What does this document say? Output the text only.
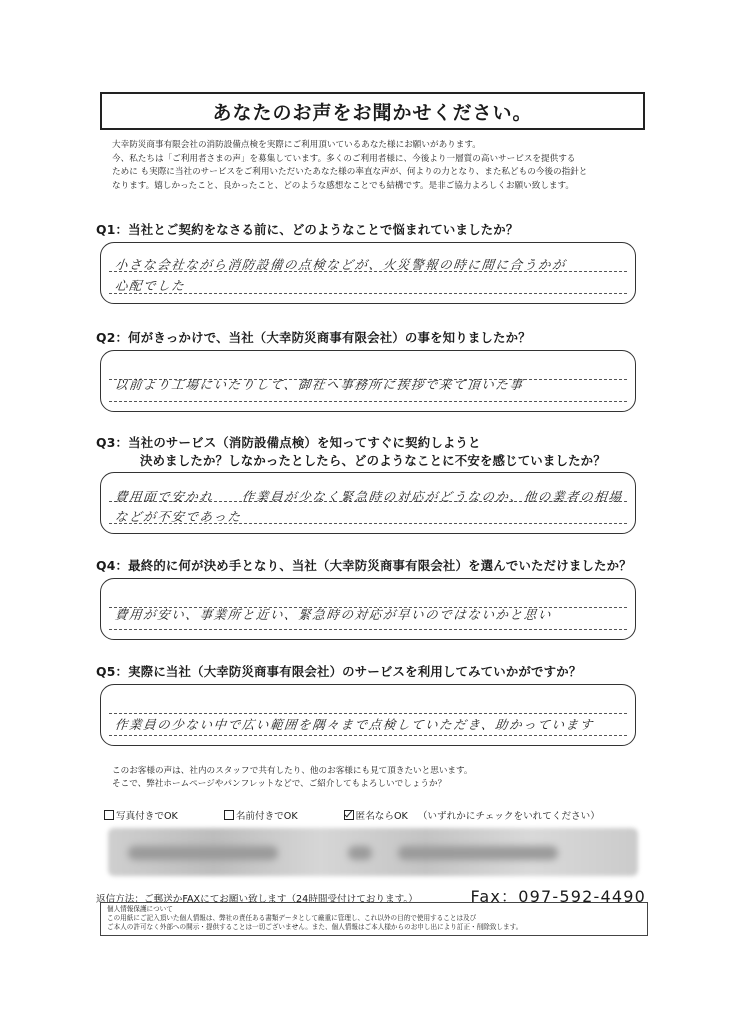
あなたのお声をお聞かせください。
大幸防災商事有限会社の消防設備点検を実際にご利用頂いているあなた様にお願いがあります。
今、私たちは「ご利用者さまの声」を募集しています。多くのご利用者様に、今後より一層質の高いサービスを提供する
ために も実際に当社のサービスをご利用いただいたあなた様の率直な声が、何よりの力となり、また私どもの今後の指針と
なります。嬉しかったこと、良かったこと、どのような感想なことでも結構です。是非ご協力よろしくお願い致します。
Q1：当社とご契約をなさる前に、どのようなことで悩まれていましたか？
小さな会社ながら消防設備の点検などが、火災警報の時に間に合うかが
心配でした
Q2：何がきっかけで、当社（大幸防災商事有限会社）の事を知りましたか？
以前より工場にいたりして、御社へ事務所に挨拶で来て頂いた事
Q3：当社のサービス（消防設備点検）を知ってすぐに契約しようと
決めましたか？しなかったとしたら、どのようなことに不安を感じていましたか？
費用面で安かれ　　作業員が少なく緊急時の対応がどうなのか、他の業者の相場
などが不安であった
Q4：最終的に何が決め手となり、当社（大幸防災商事有限会社）を選んでいただけましたか？
費用が安い、事業所と近い、緊急時の対応が早いのではないかと思い
Q5：実際に当社（大幸防災商事有限会社）のサービスを利用してみていかがですか？
作業員の少ない中で広い範囲を隅々まで点検していただき、助かっています
このお客様の声は、社内のスタッフで共有したり、他のお客様にも見て頂きたいと思います。
そこで、弊社ホームページやパンフレットなどで、ご紹介してもよろしいでしょうか？
写真付きでOK	名前付きでOK	匿名ならOK （いずれかにチェックをいれてください）
返信方法：ご郵送かFAXにてお願い致します（24時間受付けております。）	Fax：097-592-4490
個人情報保護について
この用紙にご記入頂いた個人情報は、弊社の責任ある書類データとして厳重に管理し、これ以外の目的で使用することは及び
ご本人の許可なく外部への開示・提供することは一切ございません。また、個人情報はご本人様からのお申し出により訂正・削除致します。
